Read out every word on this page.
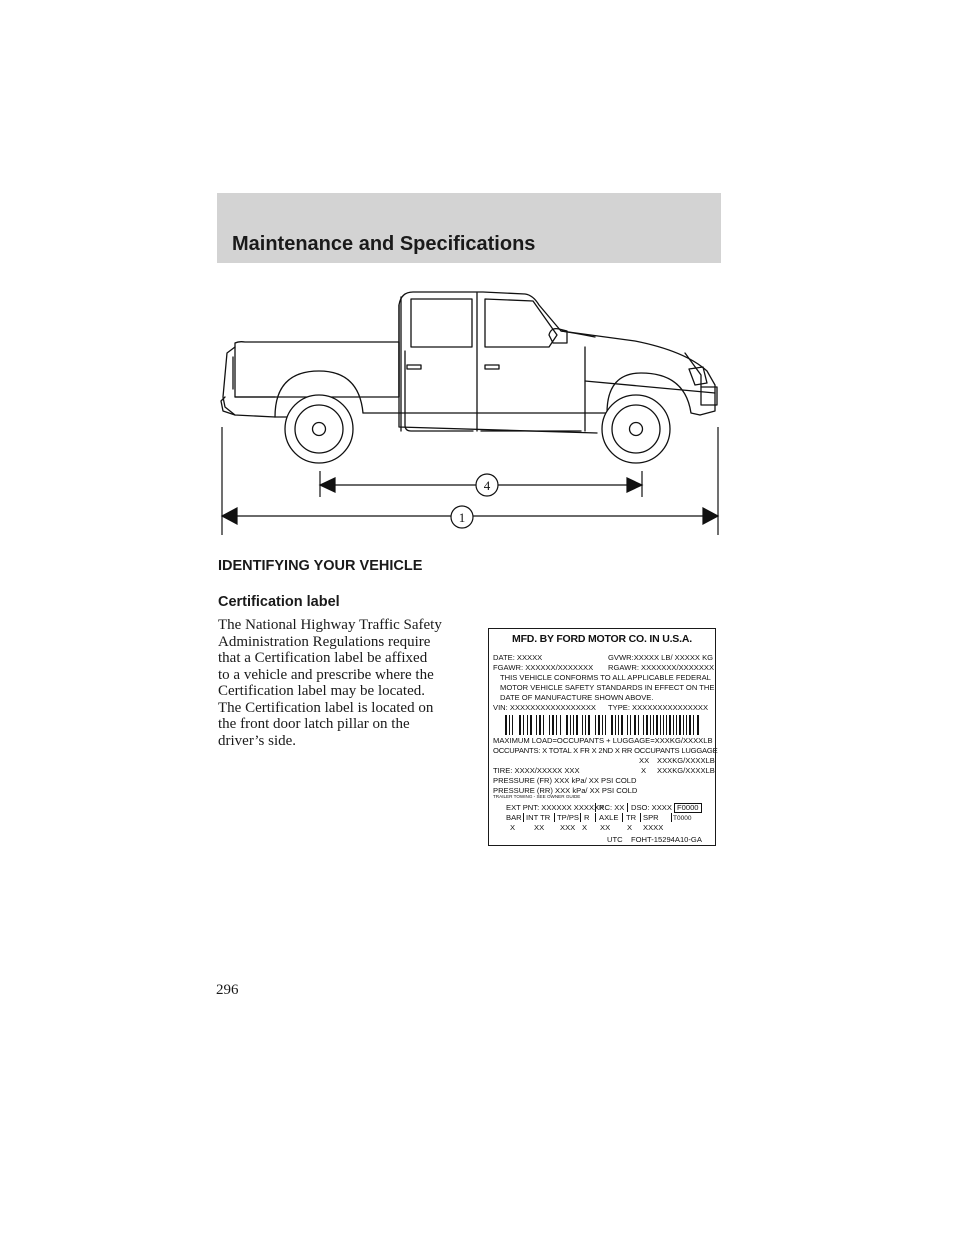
Maintenance and Specifications
4
1
IDENTIFYING YOUR VEHICLE
Certification label
The National Highway Traffic Safety
Administration Regulations require
that a Certification label be affixed
to a vehicle and prescribe where the
Certification label may be located.
The Certification label is located on
the front door latch pillar on the
driver’s side.
MFD. BY FORD MOTOR CO. IN U.S.A.
DATE: XXXXX	GVWR:XXXXX LB/ XXXXX KG
FGAWR: XXXXXX/XXXXXXX RGAWR: XXXXXXX/XXXXXXX
THIS VEHICLE CONFORMS TO ALL APPLICABLE FEDERAL
MOTOR VEHICLE SAFETY STANDARDS IN EFFECT ON THE
DATE OF MANUFACTURE SHOWN ABOVE.
VIN: XXXXXXXXXXXXXXXXX TYPE: XXXXXXXXXXXXXXX
MAXIMUM LOAD=OCCUPANTS + LUGGAGE=XXXKG/XXXXLB
OCCUPANTS: X TOTAL X FR X 2ND X RR OCCUPANTS LUGGAGE
XX XXXKG/XXXXLB
TIRE: XXXX/XXXXX XXX	X XXXKG/XXXXLB
PRESSURE (FR) XXX kPa/ XX PSI COLD
PRESSURE (RR) XXX kPa/ XX PSI COLD
TRAILER TOWING - SEE OWNER GUIDE
EXT PNT: XXXXXX XXXXXX
RC: XX DSO: XXXX F0000
BAR INT TR TP/PS R AXLE TR SPR T0000
X XX XXX X XX X XXXX
UTC FOHT-15294A10-GA
296
